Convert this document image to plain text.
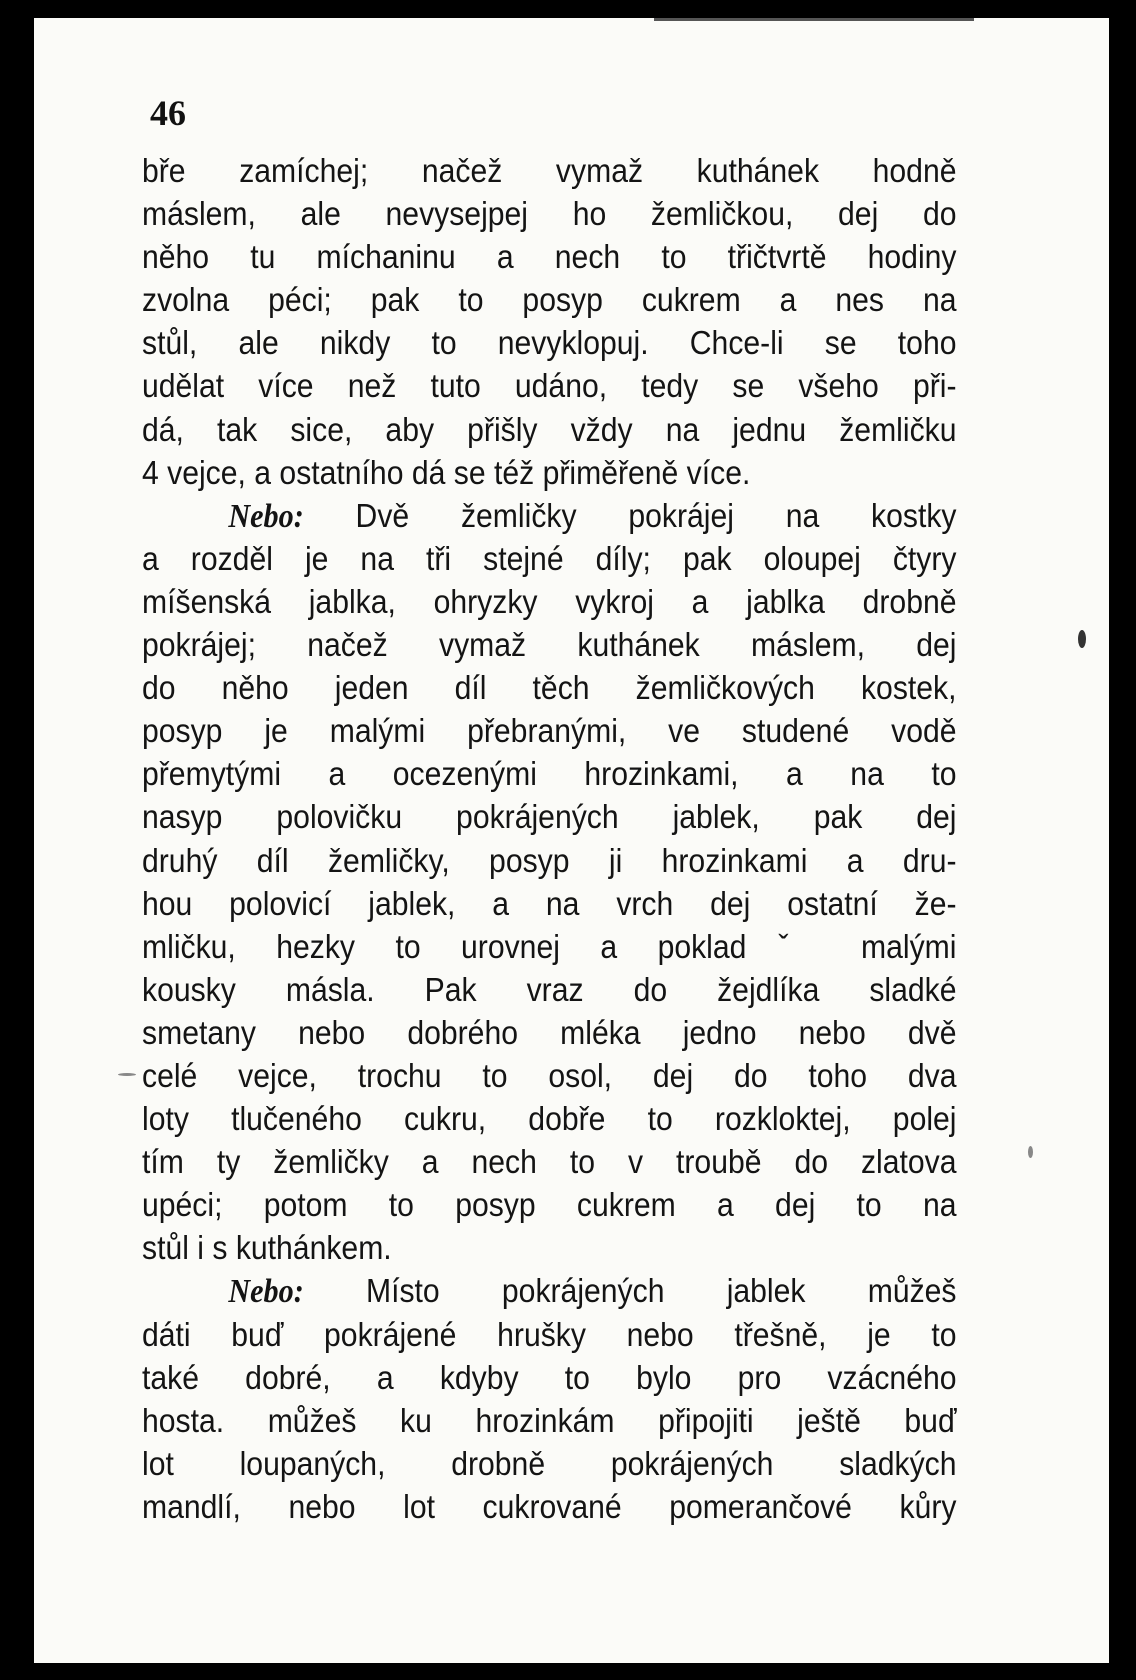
46

bře zamíchej; načež vymaž kuthánek hodně
máslem, ale nevysejpej ho žemličkou, dej do
něho tu míchaninu a nech to třičtvrtě hodiny
zvolna péci; pak to posyp cukrem a nes na
stůl, ale nikdy to nevyklopuj. Chce-li se toho
udělat více než tuto udáno, tedy se všeho při-
dá, tak sice, aby přišly vždy na jednu žemličku
4 vejce, a ostatního dá se též přiměřeně více.
Nebo: Dvě žemličky pokrájej na kostky
a rozděl je na tři stejné díly; pak oloupej čtyry
míšenská jablka, ohryzky vykroj a jablka drobně
pokrájej; načež vymaž kuthánek máslem, dej
do něho jeden díl těch žemličkových kostek,
posyp je malými přebranými, ve studené vodě
přemytými a ocezenými hrozinkami, a na to
nasyp polovičku pokrájených jablek, pak dej
druhý díl žemličky, posyp ji hrozinkami a dru-
hou polovicí jablek, a na vrch dej ostatní že-
mličku, hezky to urovnej a pokladˇ malými
kousky másla. Pak vraz do žejdlíka sladké
smetany nebo dobrého mléka jedno nebo dvě
celé vejce, trochu to osol, dej do toho dva
loty tlučeného cukru, dobře to rozkloktej, polej
tím ty žemličky a nech to v troubě do zlatova
upéci; potom to posyp cukrem a dej to na
stůl i s kuthánkem.
Nebo: Místo pokrájených jablek můžeš
dáti buď pokrájené hrušky nebo třešně, je to
také dobré, a kdyby to bylo pro vzácného
hosta. můžeš ku hrozinkám připojiti ještě buď
lot loupaných, drobně pokrájených sladkých
mandlí, nebo lot cukrované pomerančové kůry
